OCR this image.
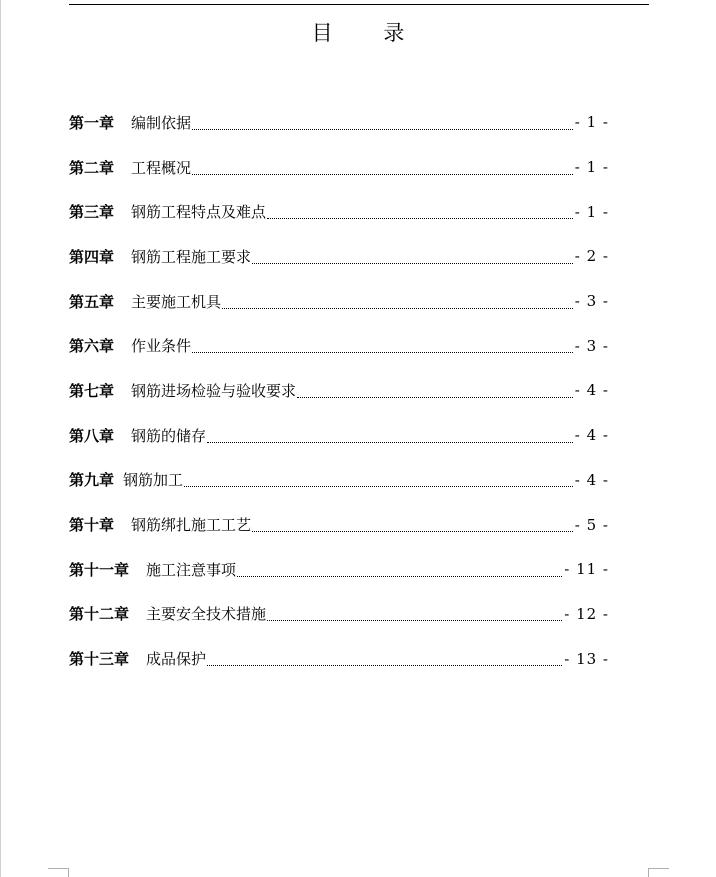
目 录
第一章 编制依据	- 1 -
第二章 工程概况	- 1 -
第三章 钢筋工程特点及难点	- 1 -
第四章 钢筋工程施工要求	- 2 -
第五章 主要施工机具	- 3 -
第六章 作业条件	- 3 -
第七章 钢筋进场检验与验收要求	- 4 -
第八章 钢筋的储存	- 4 -
第九章 钢筋加工	- 4 -
第十章 钢筋绑扎施工工艺	- 5 -
第十一章 施工注意事项	- 11 -
第十二章 主要安全技术措施	- 12 -
第十三章 成品保护	- 13 -
